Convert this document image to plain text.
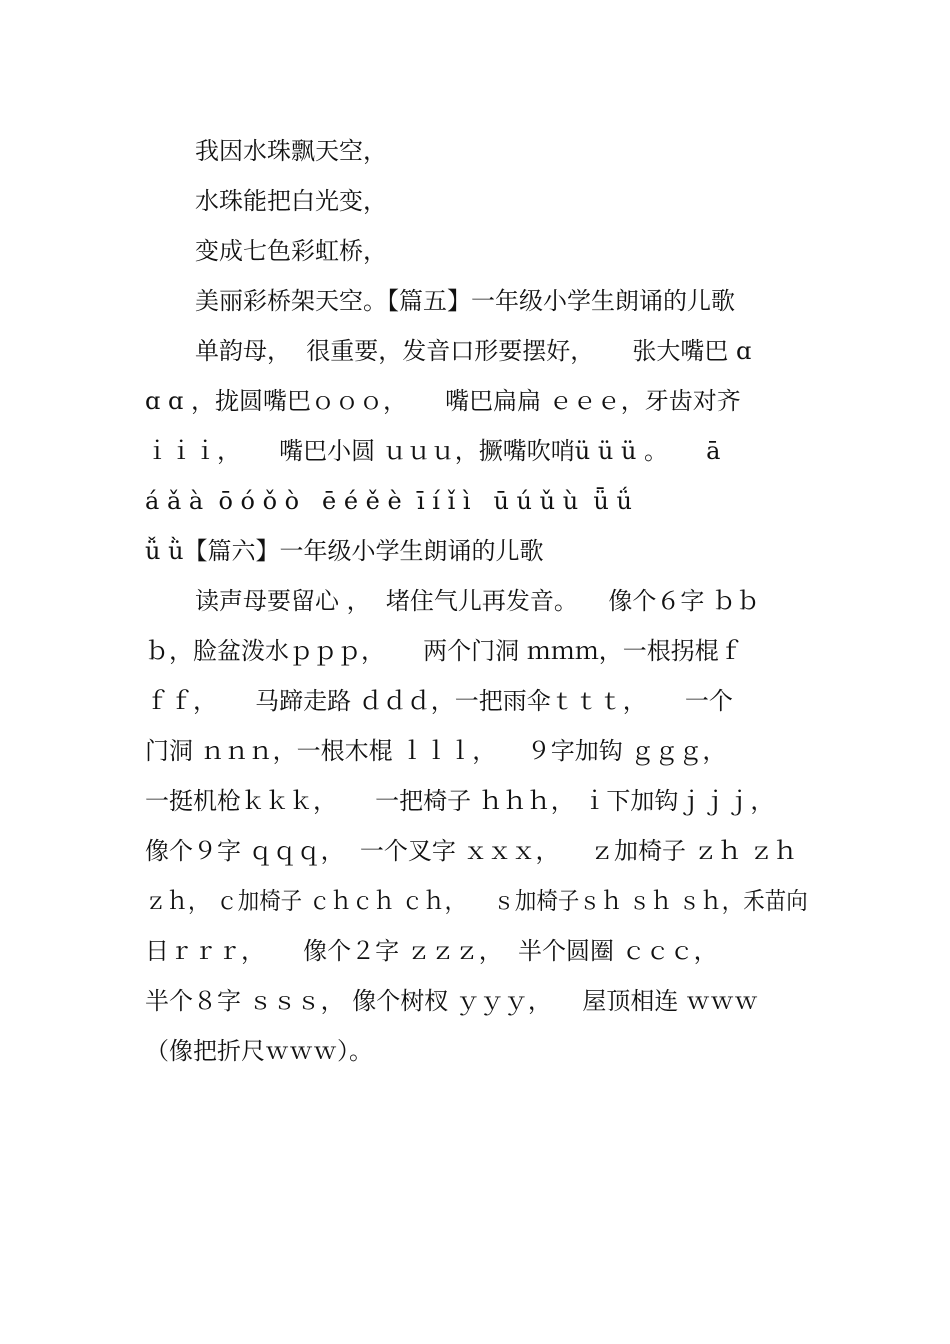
我因水珠飘天空，
水珠能把白光变，
变成七色彩虹桥，
美丽彩桥架天空。【篇五】一年级小学生朗诵的儿歌
单韵母，  很重要，发音口形要摆好，     张大嘴巴 ɑ
ɑ ɑ ，拢圆嘴巴ｏｏｏ，     嘴巴扁扁 ｅｅｅ，牙齿对齐
ｉｉｉ，     嘴巴小圆 ｕｕｕ，撅嘴吹哨ü ü ü 。     ā
á ǎ à  ō ó ǒ ò   ē é ě è  ī í ǐ ì   ū ú ǔ ù  ǖ ǘ
ǚ ǜ【篇六】一年级小学生朗诵的儿歌
读声母要留心 ，  堵住气儿再发音。    像个６字 ｂｂ
ｂ，脸盆泼水ｐｐｐ，     两个门洞 ｍｍｍ，一根拐棍ｆ
ｆｆ，     马蹄走路 ｄｄｄ，一把雨伞ｔｔｔ，     一个
门洞 ｎｎｎ，一根木棍 ｌｌｌ，    ９字加钩 ｇｇｇ，
一挺机枪ｋｋｋ，     一把椅子 ｈｈｈ， ｉ下加钩ｊｊｊ，
像个９字 ｑｑｑ，  一个叉字 ｘｘｘ，    ｚ加椅子 ｚｈ ｚｈ
ｚｈ， ｃ加椅子 ｃｈｃｈ ｃｈ，    ｓ加椅子ｓｈ ｓｈ ｓｈ，禾苗向
日ｒｒｒ，     像个２字 ｚｚｚ，  半个圆圈 ｃｃｃ，
半个８字 ｓｓｓ， 像个树杈 ｙｙｙ，    屋顶相连 ｗｗｗ
（像把折尺ｗｗｗ）。
